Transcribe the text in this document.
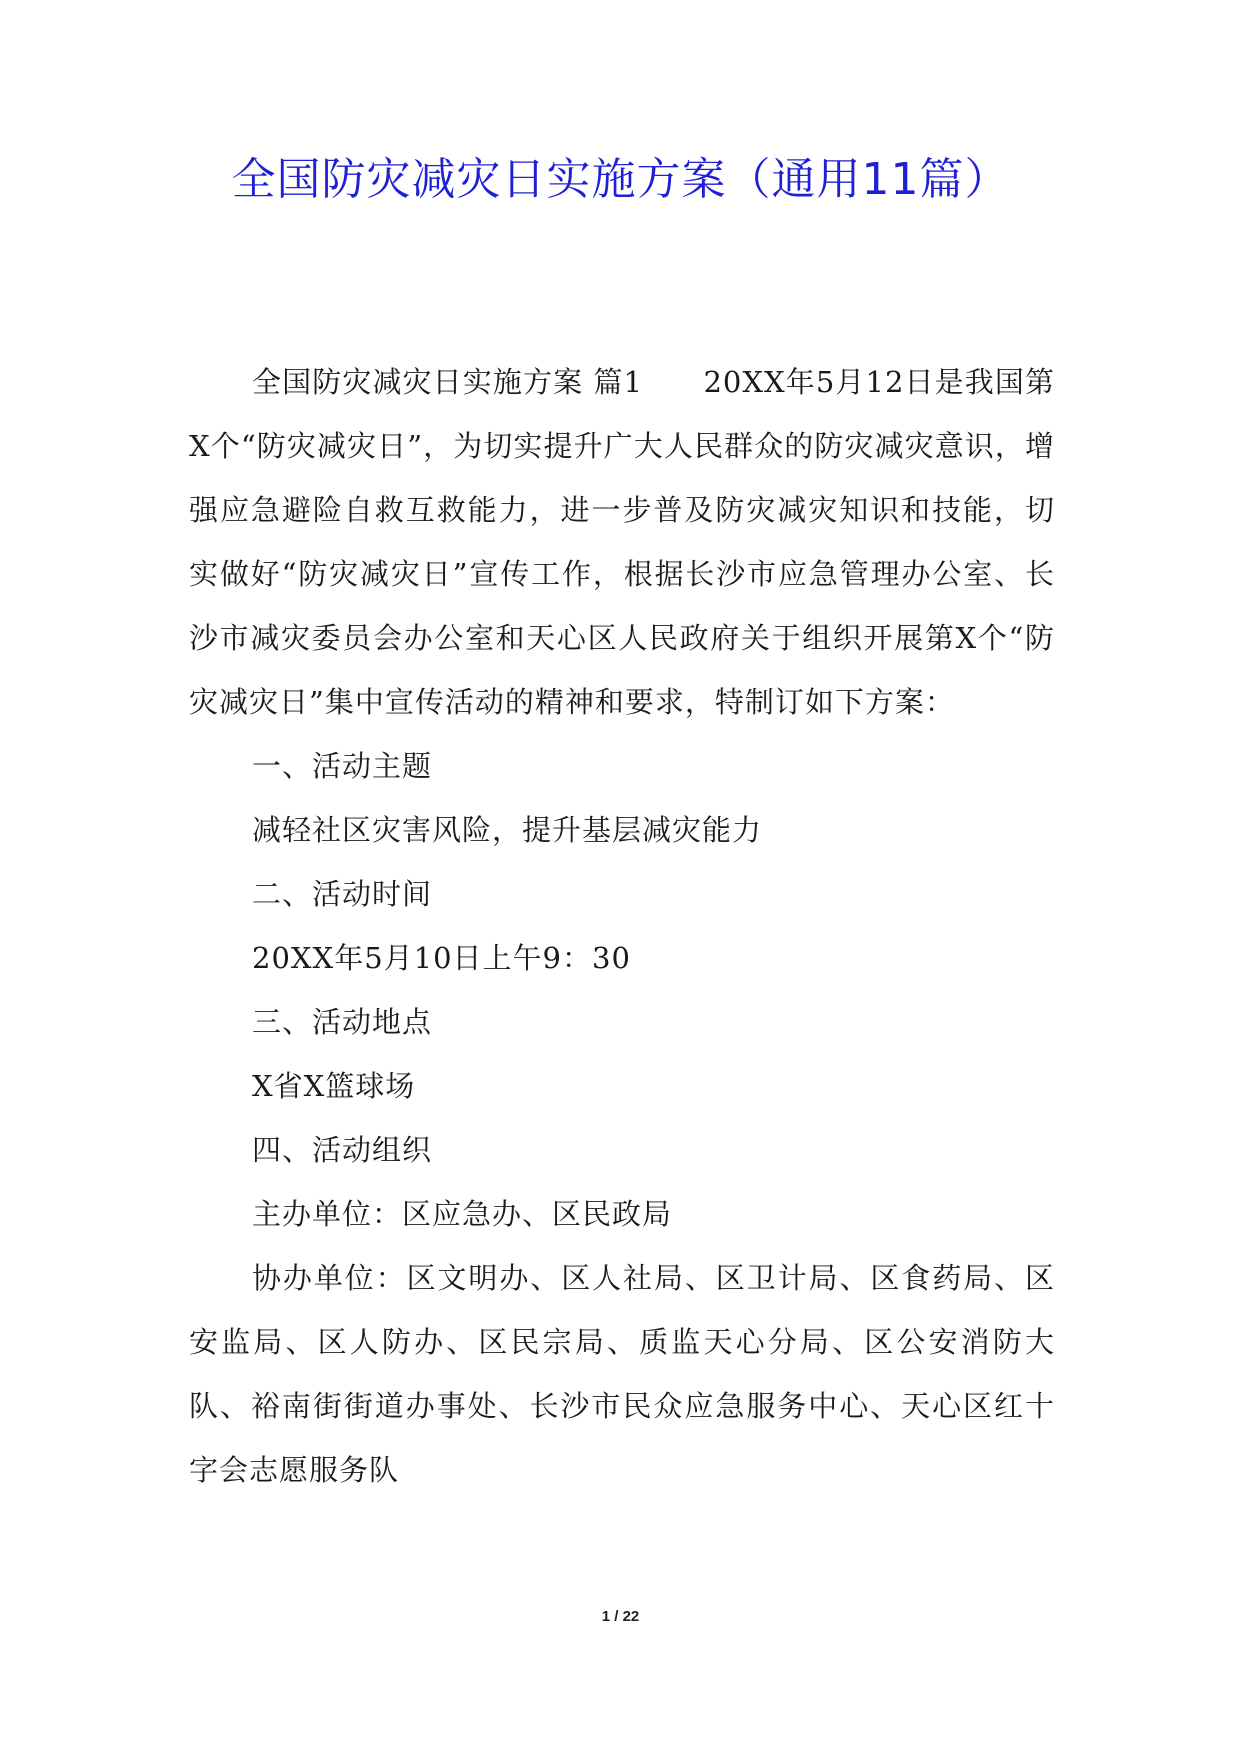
全国防灾减灾日实施方案（通用11篇）

全国防灾减灾日实施方案 篇1　　20XX年5月12日是我国第X个“防灾减灾日”，为切实提升广大人民群众的防灾减灾意识，增强应急避险自救互救能力，进一步普及防灾减灾知识和技能，切实做好“防灾减灾日”宣传工作，根据长沙市应急管理办公室、长沙市减灾委员会办公室和天心区人民政府关于组织开展第X个“防灾减灾日”集中宣传活动的精神和要求，特制订如下方案：

一、活动主题

减轻社区灾害风险，提升基层减灾能力

二、活动时间

20XX年5月10日上午9：30

三、活动地点

X省X篮球场

四、活动组织

主办单位：区应急办、区民政局

协办单位：区文明办、区人社局、区卫计局、区食药局、区安监局、区人防办、区民宗局、质监天心分局、区公安消防大队、裕南街街道办事处、长沙市民众应急服务中心、天心区红十字会志愿服务队

1 / 22
